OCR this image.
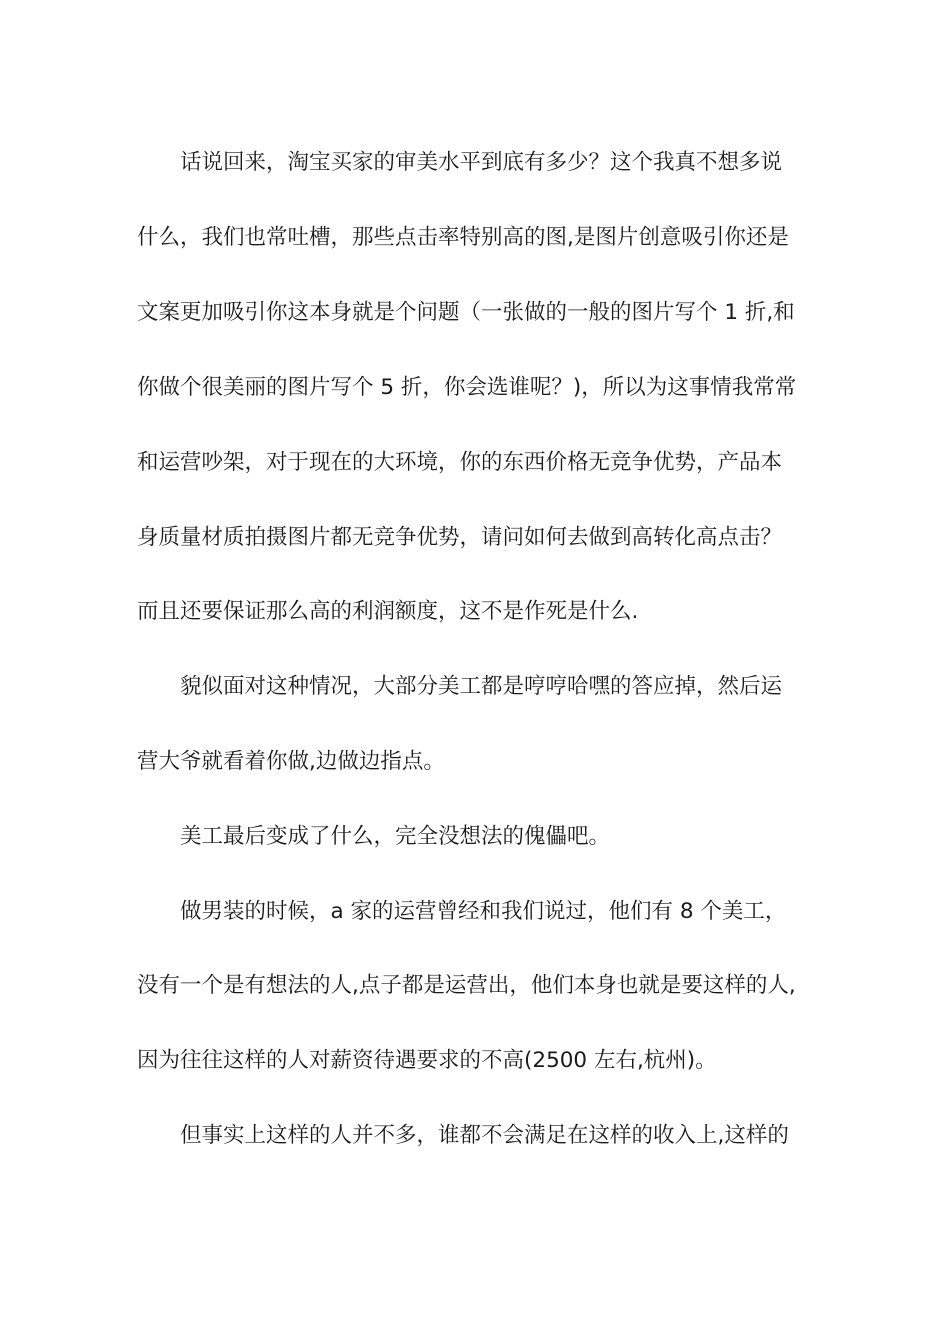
话说回来，淘宝买家的审美水平到底有多少？这个我真不想多说
什么，我们也常吐槽，那些点击率特别高的图,是图片创意吸引你还是
文案更加吸引你这本身就是个问题（一张做的一般的图片写个 1 折,和
你做个很美丽的图片写个 5 折，你会选谁呢？)，所以为这事情我常常
和运营吵架，对于现在的大环境，你的东西价格无竞争优势，产品本
身质量材质拍摄图片都无竞争优势，请问如何去做到高转化高点击？
而且还要保证那么高的利润额度，这不是作死是什么.
貌似面对这种情况，大部分美工都是哼哼哈嘿的答应掉，然后运
营大爷就看着你做,边做边指点。
美工最后变成了什么，完全没想法的傀儡吧。
做男装的时候，a 家的运营曾经和我们说过，他们有 8 个美工，
没有一个是有想法的人,点子都是运营出，他们本身也就是要这样的人,
因为往往这样的人对薪资待遇要求的不高(2500 左右,杭州)。
但事实上这样的人并不多，谁都不会满足在这样的收入上,这样的
